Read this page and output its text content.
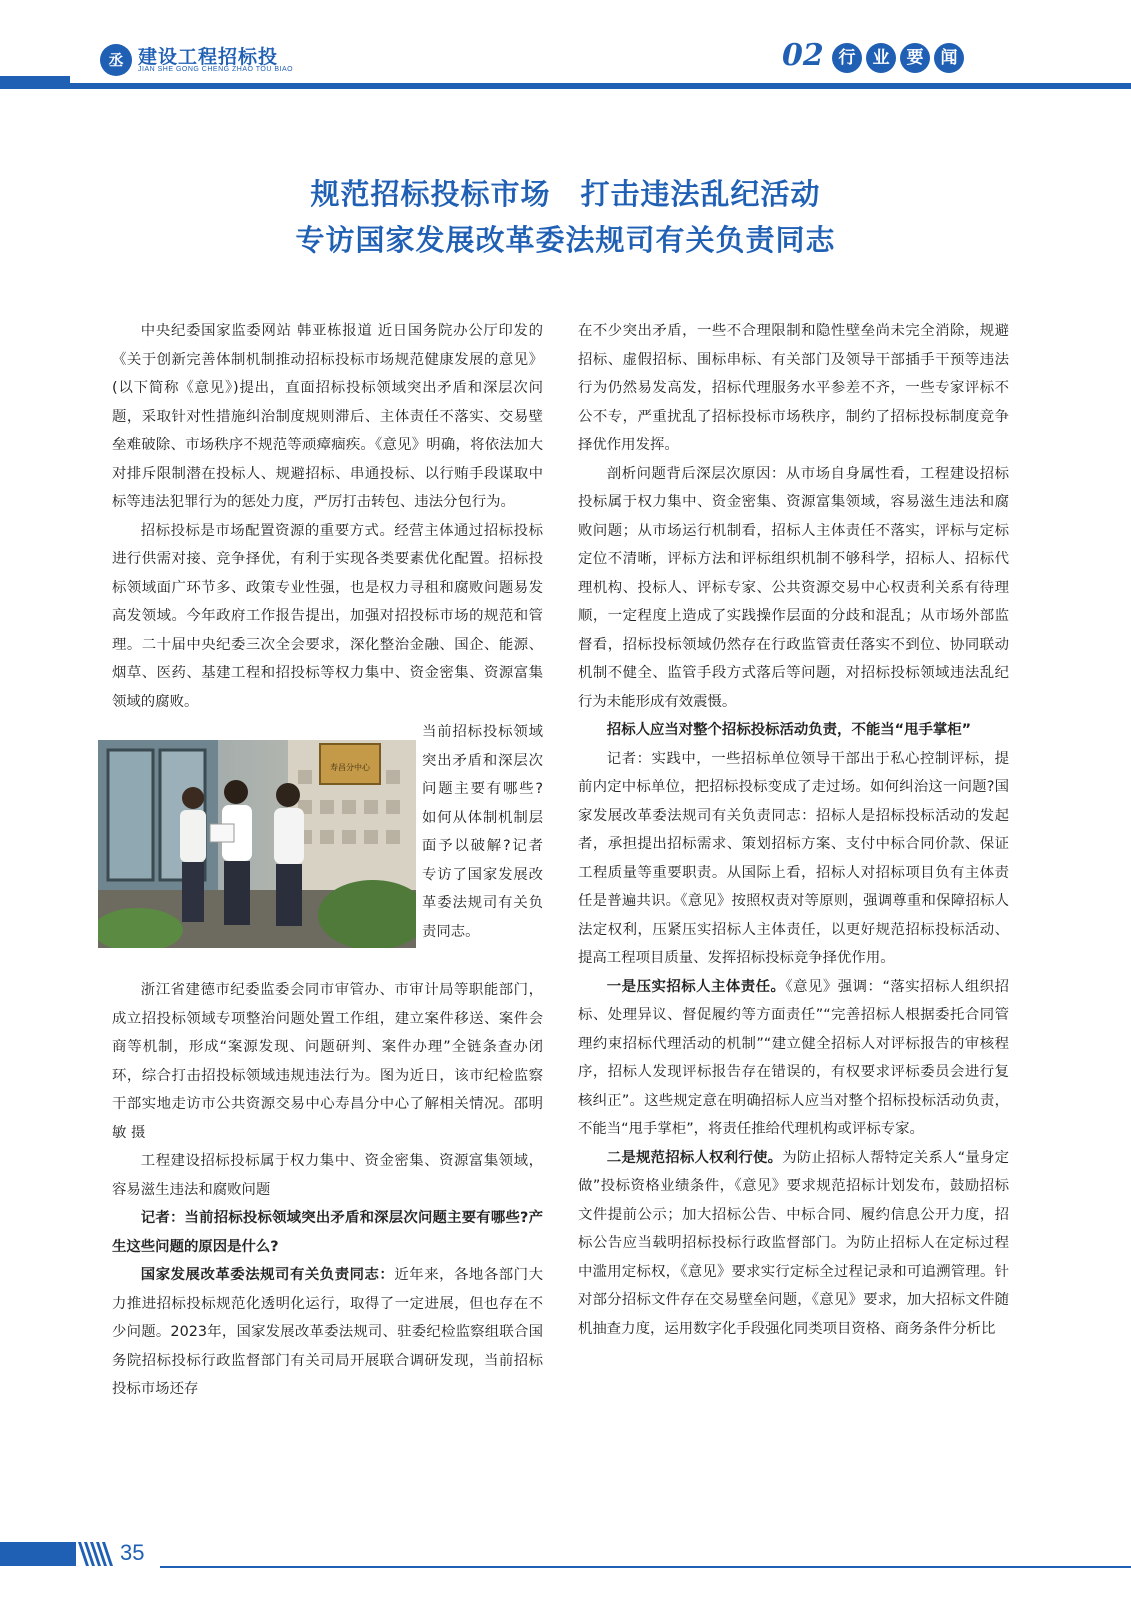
丞 建设工程招标投
JIAN SHE GONG CHENG ZHAO TOU BIAO	02 行 业 要 闻
规范招标投标市场　打击违法乱纪活动
专访国家发展改革委法规司有关负责同志

中央纪委国家监委网站 韩亚栋报道 近日国务院办公厅印发的《关于创新完善体制机制推动招标投标市场规范健康发展的意见》(以下简称《意见》)提出，直面招标投标领域突出矛盾和深层次问题，采取针对性措施纠治制度规则滞后、主体责任不落实、交易壁垒难破除、市场秩序不规范等顽瘴痼疾。《意见》明确，将依法加大对排斥限制潜在投标人、规避招标、串通投标、以行贿手段谋取中标等违法犯罪行为的惩处力度，严厉打击转包、违法分包行为。

招标投标是市场配置资源的重要方式。经营主体通过招标投标进行供需对接、竞争择优，有利于实现各类要素优化配置。招标投标领域面广环节多、政策专业性强，也是权力寻租和腐败问题易发高发领域。今年政府工作报告提出，加强对招投标市场的规范和管理。二十届中央纪委三次全会要求，深化整治金融、国企、能源、烟草、医药、基建工程和招投标等权力集中、资金密集、资源富集领域的腐败。

寿昌分中心
当前招标投标领域突出矛盾和深层次问题主要有哪些?如何从体制机制层面予以破解?记者专访了国家发展改革委法规司有关负责同志。

浙江省建德市纪委监委会同市审管办、市审计局等职能部门，成立招投标领域专项整治问题处置工作组，建立案件移送、案件会商等机制，形成“案源发现、问题研判、案件办理”全链条查办闭环，综合打击招投标领域违规违法行为。图为近日，该市纪检监察干部实地走访市公共资源交易中心寿昌分中心了解相关情况。邵明敏 摄

工程建设招标投标属于权力集中、资金密集、资源富集领域，容易滋生违法和腐败问题

记者：当前招标投标领域突出矛盾和深层次问题主要有哪些?产生这些问题的原因是什么?

国家发展改革委法规司有关负责同志：近年来，各地各部门大力推进招标投标规范化透明化运行，取得了一定进展，但也存在不少问题。2023年，国家发展改革委法规司、驻委纪检监察组联合国务院招标投标行政监督部门有关司局开展联合调研发现，当前招标投标市场还存

在不少突出矛盾，一些不合理限制和隐性壁垒尚未完全消除，规避招标、虚假招标、围标串标、有关部门及领导干部插手干预等违法行为仍然易发高发，招标代理服务水平参差不齐，一些专家评标不公不专，严重扰乱了招标投标市场秩序，制约了招标投标制度竞争择优作用发挥。

剖析问题背后深层次原因：从市场自身属性看，工程建设招标投标属于权力集中、资金密集、资源富集领域，容易滋生违法和腐败问题；从市场运行机制看，招标人主体责任不落实，评标与定标定位不清晰，评标方法和评标组织机制不够科学，招标人、招标代理机构、投标人、评标专家、公共资源交易中心权责利关系有待理顺，一定程度上造成了实践操作层面的分歧和混乱；从市场外部监督看，招标投标领域仍然存在行政监管责任落实不到位、协同联动机制不健全、监管手段方式落后等问题，对招标投标领域违法乱纪行为未能形成有效震慑。

招标人应当对整个招标投标活动负责，不能当“甩手掌柜”

记者：实践中，一些招标单位领导干部出于私心控制评标，提前内定中标单位，把招标投标变成了走过场。如何纠治这一问题?国家发展改革委法规司有关负责同志：招标人是招标投标活动的发起者，承担提出招标需求、策划招标方案、支付中标合同价款、保证工程质量等重要职责。从国际上看，招标人对招标项目负有主体责任是普遍共识。《意见》按照权责对等原则，强调尊重和保障招标人法定权利，压紧压实招标人主体责任，以更好规范招标投标活动、提高工程项目质量、发挥招标投标竞争择优作用。

一是压实招标人主体责任。《意见》强调：“落实招标人组织招标、处理异议、督促履约等方面责任”“完善招标人根据委托合同管理约束招标代理活动的机制”“建立健全招标人对评标报告的审核程序，招标人发现评标报告存在错误的，有权要求评标委员会进行复核纠正”。这些规定意在明确招标人应当对整个招标投标活动负责，不能当“甩手掌柜”，将责任推给代理机构或评标专家。

二是规范招标人权利行使。为防止招标人帮特定关系人“量身定做”投标资格业绩条件，《意见》要求规范招标计划发布，鼓励招标文件提前公示；加大招标公告、中标合同、履约信息公开力度，招标公告应当载明招标投标行政监督部门。为防止招标人在定标过程中滥用定标权，《意见》要求实行定标全过程记录和可追溯管理。针对部分招标文件存在交易壁垒问题，《意见》要求，加大招标文件随机抽查力度，运用数字化手段强化同类项目资格、商务条件分析比

35
